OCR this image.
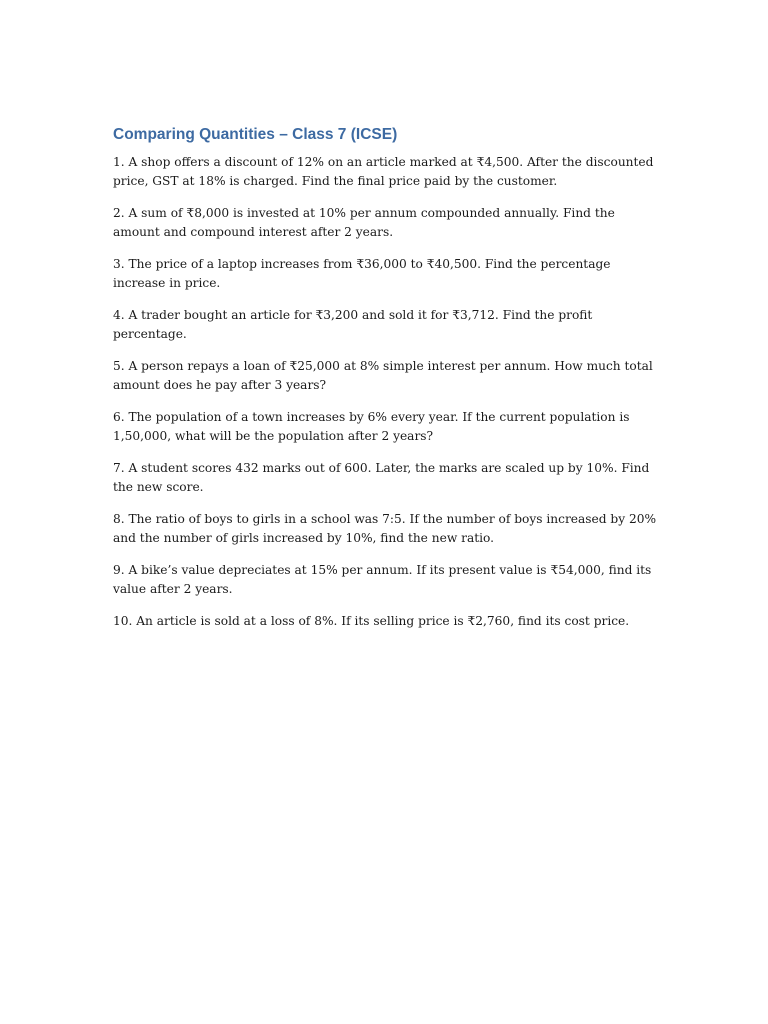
Comparing Quantities – Class 7 (ICSE)

1. A shop offers a discount of 12% on an article marked at ₹4,500. After the discounted price, GST at 18% is charged. Find the final price paid by the customer.

2. A sum of ₹8,000 is invested at 10% per annum compounded annually. Find the amount and compound interest after 2 years.

3. The price of a laptop increases from ₹36,000 to ₹40,500. Find the percentage increase in price.

4. A trader bought an article for ₹3,200 and sold it for ₹3,712. Find the profit percentage.

5. A person repays a loan of ₹25,000 at 8% simple interest per annum. How much total amount does he pay after 3 years?

6. The population of a town increases by 6% every year. If the current population is 1,50,000, what will be the population after 2 years?

7. A student scores 432 marks out of 600. Later, the marks are scaled up by 10%. Find the new score.

8. The ratio of boys to girls in a school was 7:5. If the number of boys increased by 20% and the number of girls increased by 10%, find the new ratio.

9. A bike’s value depreciates at 15% per annum. If its present value is ₹54,000, find its value after 2 years.

10. An article is sold at a loss of 8%. If its selling price is ₹2,760, find its cost price.
